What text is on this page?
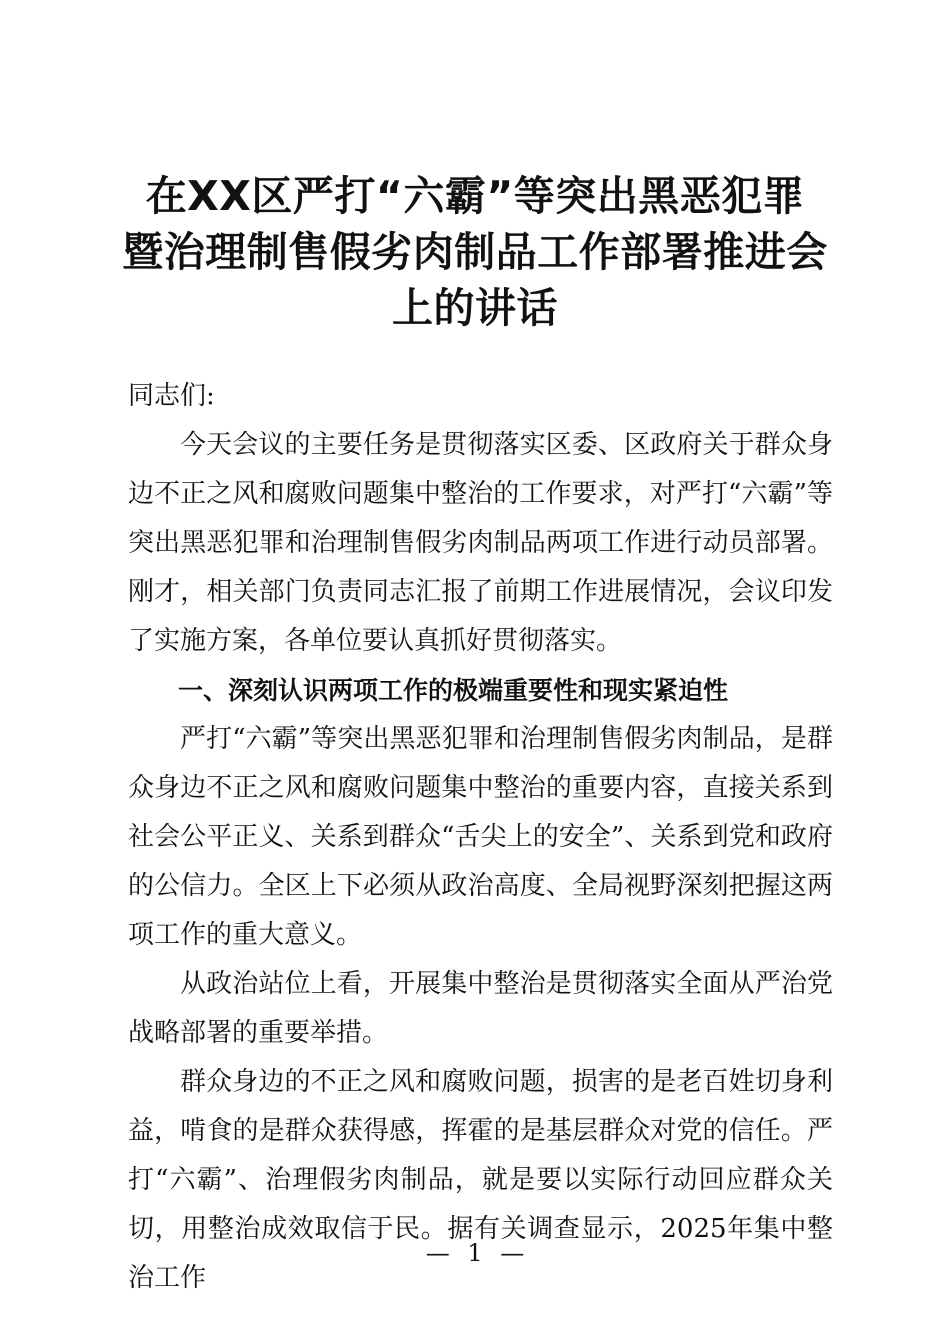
在XX区严打“六霸”等突出黑恶犯罪
暨治理制售假劣肉制品工作部署推进会
上的讲话

同志们:

今天会议的主要任务是贯彻落实区委、区政府关于群众身边不正之风和腐败问题集中整治的工作要求，对严打“六霸”等突出黑恶犯罪和治理制售假劣肉制品两项工作进行动员部署。刚才，相关部门负责同志汇报了前期工作进展情况，会议印发了实施方案，各单位要认真抓好贯彻落实。

一、深刻认识两项工作的极端重要性和现实紧迫性

严打“六霸”等突出黑恶犯罪和治理制售假劣肉制品，是群众身边不正之风和腐败问题集中整治的重要内容，直接关系到社会公平正义、关系到群众“舌尖上的安全”、关系到党和政府的公信力。全区上下必须从政治高度、全局视野深刻把握这两项工作的重大意义。

从政治站位上看，开展集中整治是贯彻落实全面从严治党战略部署的重要举措。

群众身边的不正之风和腐败问题，损害的是老百姓切身利益，啃食的是群众获得感，挥霍的是基层群众对党的信任。严打“六霸”、治理假劣肉制品，就是要以实际行动回应群众关切，用整治成效取信于民。据有关调查显示，2025年集中整治工作

— 1 —
